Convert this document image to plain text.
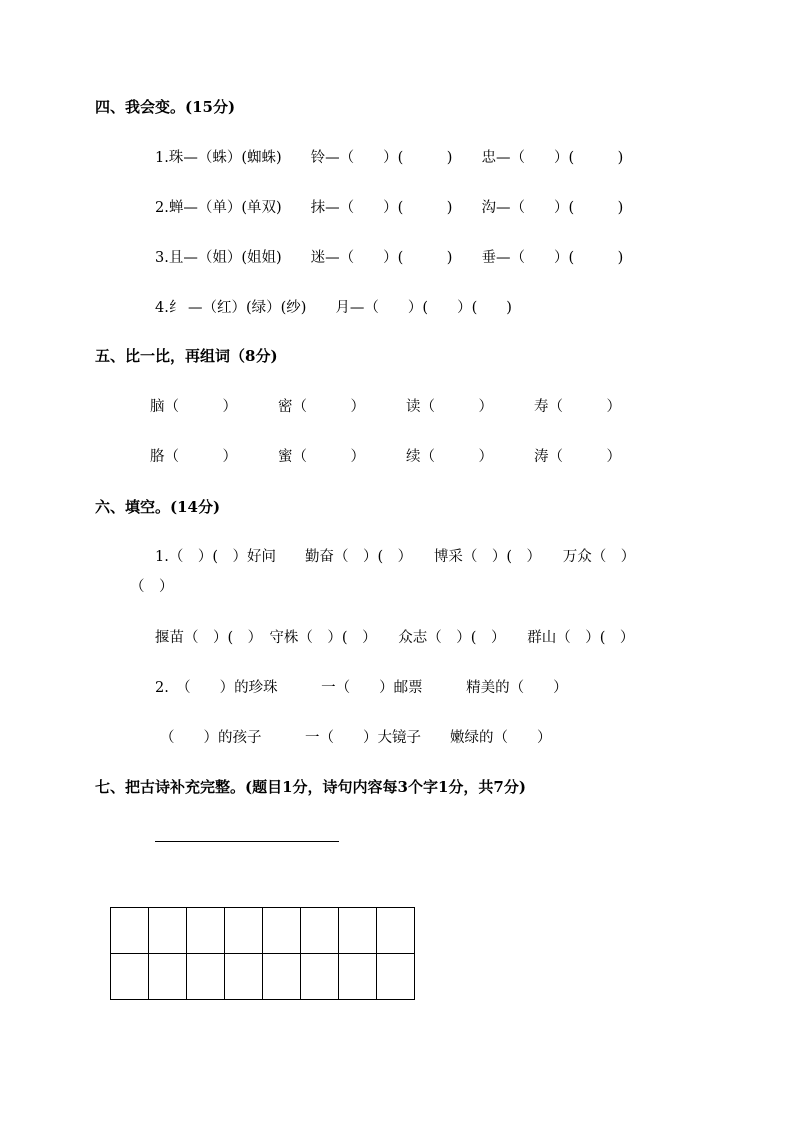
四、我会变。(15分)
1.珠—（蛛）(蜘蛛)　　铃—（　　）(　　　)　　忠—（　　）(　　　)
2.蝉—（单）(单双)　　抹—（　　）(　　　)　　沟—（　　）(　　　)
3.且—（姐）(姐姐)　　迷—（　　）(　　　)　　垂—（　　）(　　　)
4.纟 —（红）(绿）(纱)　　月—（　　）(　　）(　　)
五、比一比，再组词（8分)
脑（　　　）	密（　　　）	读（　　　）	寿（　　　）
胳（　　　）	蜜（　　　）	续（　　　）	涛（　　　）
六、填空。(14分)
1.（　）(　）好问　　勤奋（　）(　）　　博采（　）(　）　　万众（　）
（　）
揠苗（　）(　）　守株（　）(　）　　众志（　）(　）　　群山（　）(　）
2.　（　　）的珍珠　　　一（　　）邮票　　　精美的（　　）
（　　）的孩子　　　一（　　）大镜子　　嫩绿的（　　）
七、把古诗补充完整。(题目1分，诗句内容每3个字1分，共7分)
